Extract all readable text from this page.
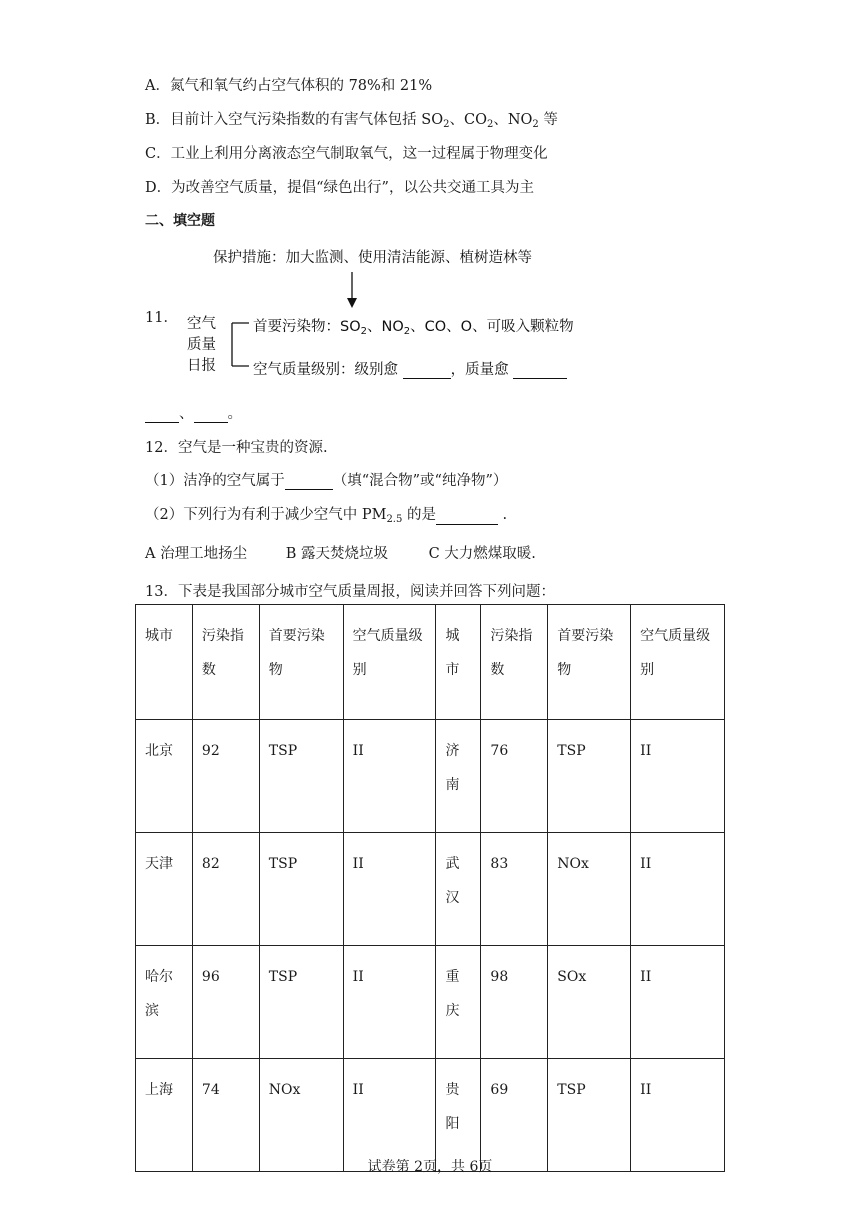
A．氮气和氧气约占空气体积的 78%和 21%
B．目前计入空气污染指数的有害气体包括 $SO_2$、$CO_2$、$NO_2$ 等
C．工业上利用分离液态空气制取氧气，这一过程属于物理变化
D．为改善空气质量，提倡“绿色出行”，以公共交通工具为主
二、填空题
11．
保护措施：加大监测、使用清洁能源、植树造林等
空气
质量
日报
首要污染物：$SO_2$、$NO_2$、CO、O、可吸入颗粒物
空气质量级别：级别愈	，质量愈
、 。
12．空气是一种宝贵的资源.
（1）洁净的空气属于	（填“混合物”或“纯净物”）
（2）下列行为有利于减少空气中 $PM_{2.5}$ 的是	.
A 治理工地扬尘	B 露天焚烧垃圾	C 大力燃煤取暖.
13．下表是我国部分城市空气质量周报，阅读并回答下列问题：
城市	污染指数	首要污染物	空气质量级别	城市	污染指数	首要污染物	空气质量级别
北京	92	TSP	II	济南	76	TSP	II
天津	82	TSP	II	武汉	83	NOx	II
哈尔滨	96	TSP	II	重庆	98	SOx	II
上海	74	NOx	II	贵阳	69	TSP	II
试卷第 2页，共 6页
